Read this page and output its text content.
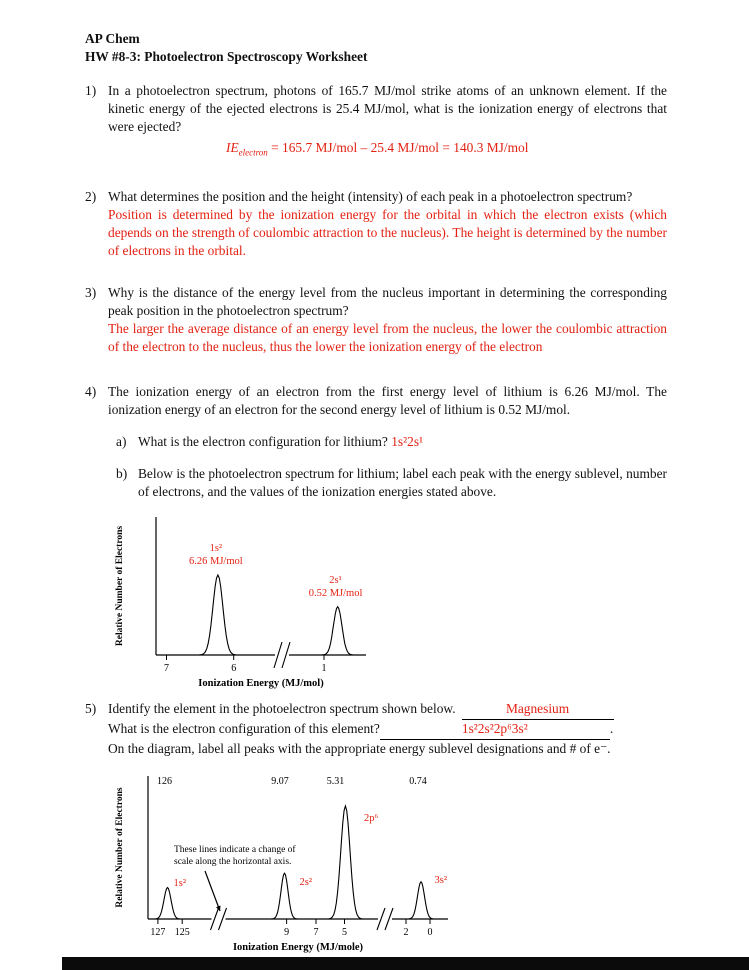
AP Chem
HW #8-3: Photoelectron Spectroscopy Worksheet
1) In a photoelectron spectrum, photons of 165.7 MJ/mol strike atoms of an unknown element. If the kinetic energy of the ejected electrons is 25.4 MJ/mol, what is the ionization energy of electrons that were ejected?

$IE_{electron} = 165.7$ MJ/mol – 25.4 MJ/mol = 140.3 MJ/mol

2) What determines the position and the height (intensity) of each peak in a photoelectron spectrum?

Position is determined by the ionization energy for the orbital in which the electron exists (which depends on the strength of coulombic attraction to the nucleus). The height is determined by the number of electrons in the orbital.

3) Why is the distance of the energy level from the nucleus important in determining the corresponding peak position in the photoelectron spectrum?

The larger the average distance of an energy level from the nucleus, the lower the coulombic attraction of the electron to the nucleus, thus the lower the ionization energy of the electron

4) The ionization energy of an electron from the first energy level of lithium is 6.26 MJ/mol. The ionization energy of an electron for the second energy level of lithium is 0.52 MJ/mol.

a) What is the electron configuration for lithium? 1s²2s¹

b) Below is the photoelectron spectrum for lithium; label each peak with the energy sublevel, number of electrons, and the values of the ionization energies stated above.

7	6	1
1s²
6.26 MJ/mol
2s¹
0.52 MJ/mol
Ionization Energy (MJ/mol)
Relative Number of Electrons
5) Identify the element in the photoelectron spectrum shown below.	Magnesium

What is the electron configuration of this element?	1s²2s²2p⁶3s²	.

On the diagram, label all peaks with the appropriate energy sublevel designations and # of e⁻.

127 125	9 7 5	2 0
126	9.07	5.31	0.74
1s²	2s²
2p⁶
3s²
These lines indicate a change of
scale along the horizontal axis.
Ionization Energy (MJ/mole)
Relative Number of Electrons
